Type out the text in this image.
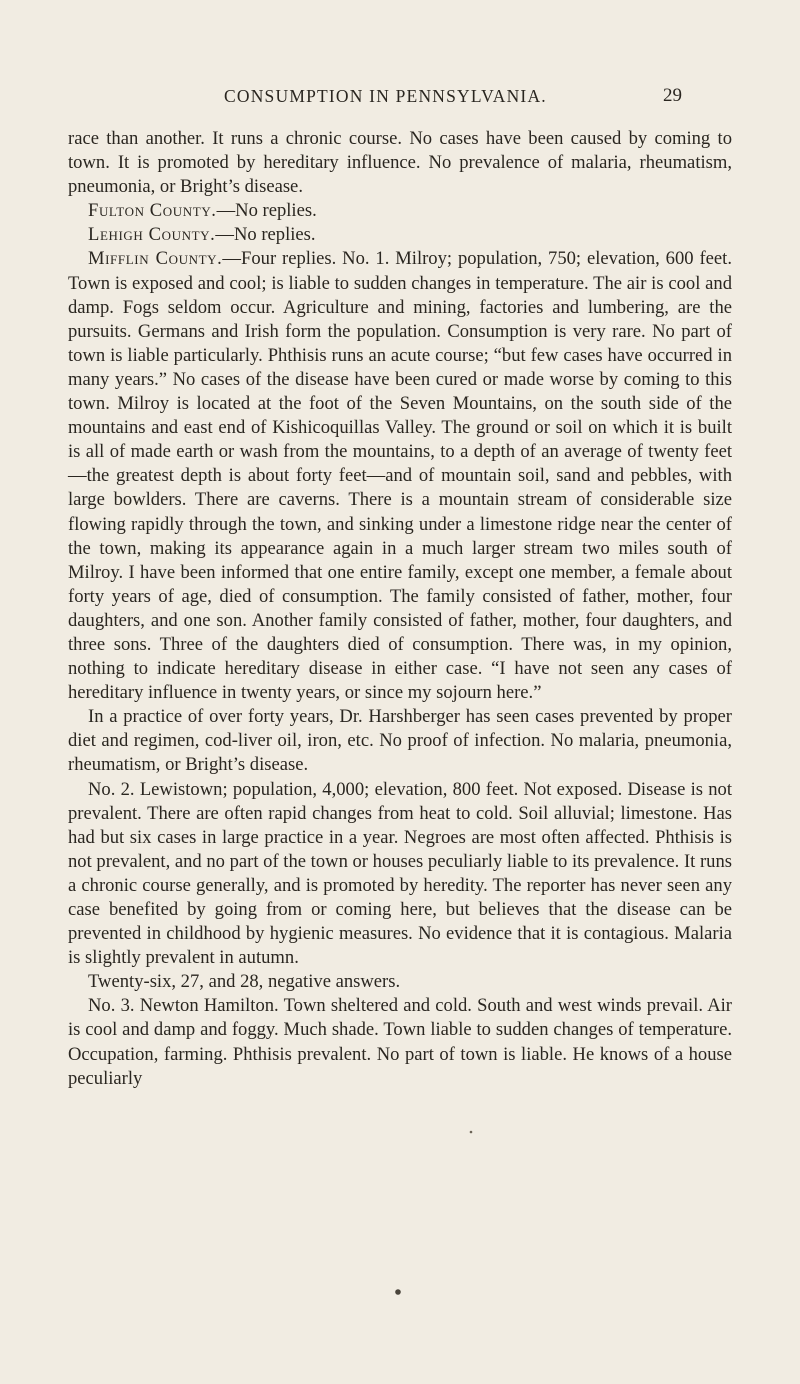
CONSUMPTION IN PENNSYLVANIA.	29

race than another. It runs a chronic course. No cases have been caused by coming to town. It is promoted by hereditary influence. No prevalence of malaria, rheumatism, pneumonia, or Bright’s disease.

Fulton County.—No replies.

Lehigh County.—No replies.

Mifflin County.—Four replies. No. 1. Milroy; population, 750; elevation, 600 feet. Town is exposed and cool; is liable to sudden changes in temperature. The air is cool and damp. Fogs seldom occur. Agriculture and mining, factories and lumbering, are the pursuits. Germans and Irish form the population. Consumption is very rare. No part of town is liable particularly. Phthisis runs an acute course; “but few cases have occurred in many years.” No cases of the disease have been cured or made worse by coming to this town. Milroy is located at the foot of the Seven Mountains, on the south side of the mountains and east end of Kishicoquillas Valley. The ground or soil on which it is built is all of made earth or wash from the mountains, to a depth of an average of twenty feet—the greatest depth is about forty feet—and of mountain soil, sand and pebbles, with large bowlders. There are caverns. There is a mountain stream of considerable size flowing rapidly through the town, and sinking under a limestone ridge near the center of the town, making its appearance again in a much larger stream two miles south of Milroy. I have been informed that one entire family, except one member, a female about forty years of age, died of consumption. The family consisted of father, mother, four daughters, and one son. Another family consisted of father, mother, four daughters, and three sons. Three of the daughters died of consumption. There was, in my opinion, nothing to indicate hereditary disease in either case. “I have not seen any cases of hereditary influence in twenty years, or since my sojourn here.”

In a practice of over forty years, Dr. Harshberger has seen cases prevented by proper diet and regimen, cod-liver oil, iron, etc. No proof of infection. No malaria, pneumonia, rheumatism, or Bright’s disease.

No. 2. Lewistown; population, 4,000; elevation, 800 feet. Not exposed. Disease is not prevalent. There are often rapid changes from heat to cold. Soil alluvial; limestone. Has had but six cases in large practice in a year. Negroes are most often affected. Phthisis is not prevalent, and no part of the town or houses peculiarly liable to its prevalence. It runs a chronic course generally, and is promoted by heredity. The reporter has never seen any case benefited by going from or coming here, but believes that the disease can be prevented in childhood by hygienic measures. No evidence that it is contagious. Malaria is slightly prevalent in autumn.

Twenty-six, 27, and 28, negative answers.

No. 3. Newton Hamilton. Town sheltered and cold. South and west winds prevail. Air is cool and damp and foggy. Much shade. Town liable to sudden changes of temperature. Occupation, farming. Phthisis prevalent. No part of town is liable. He knows of a house peculiarly
